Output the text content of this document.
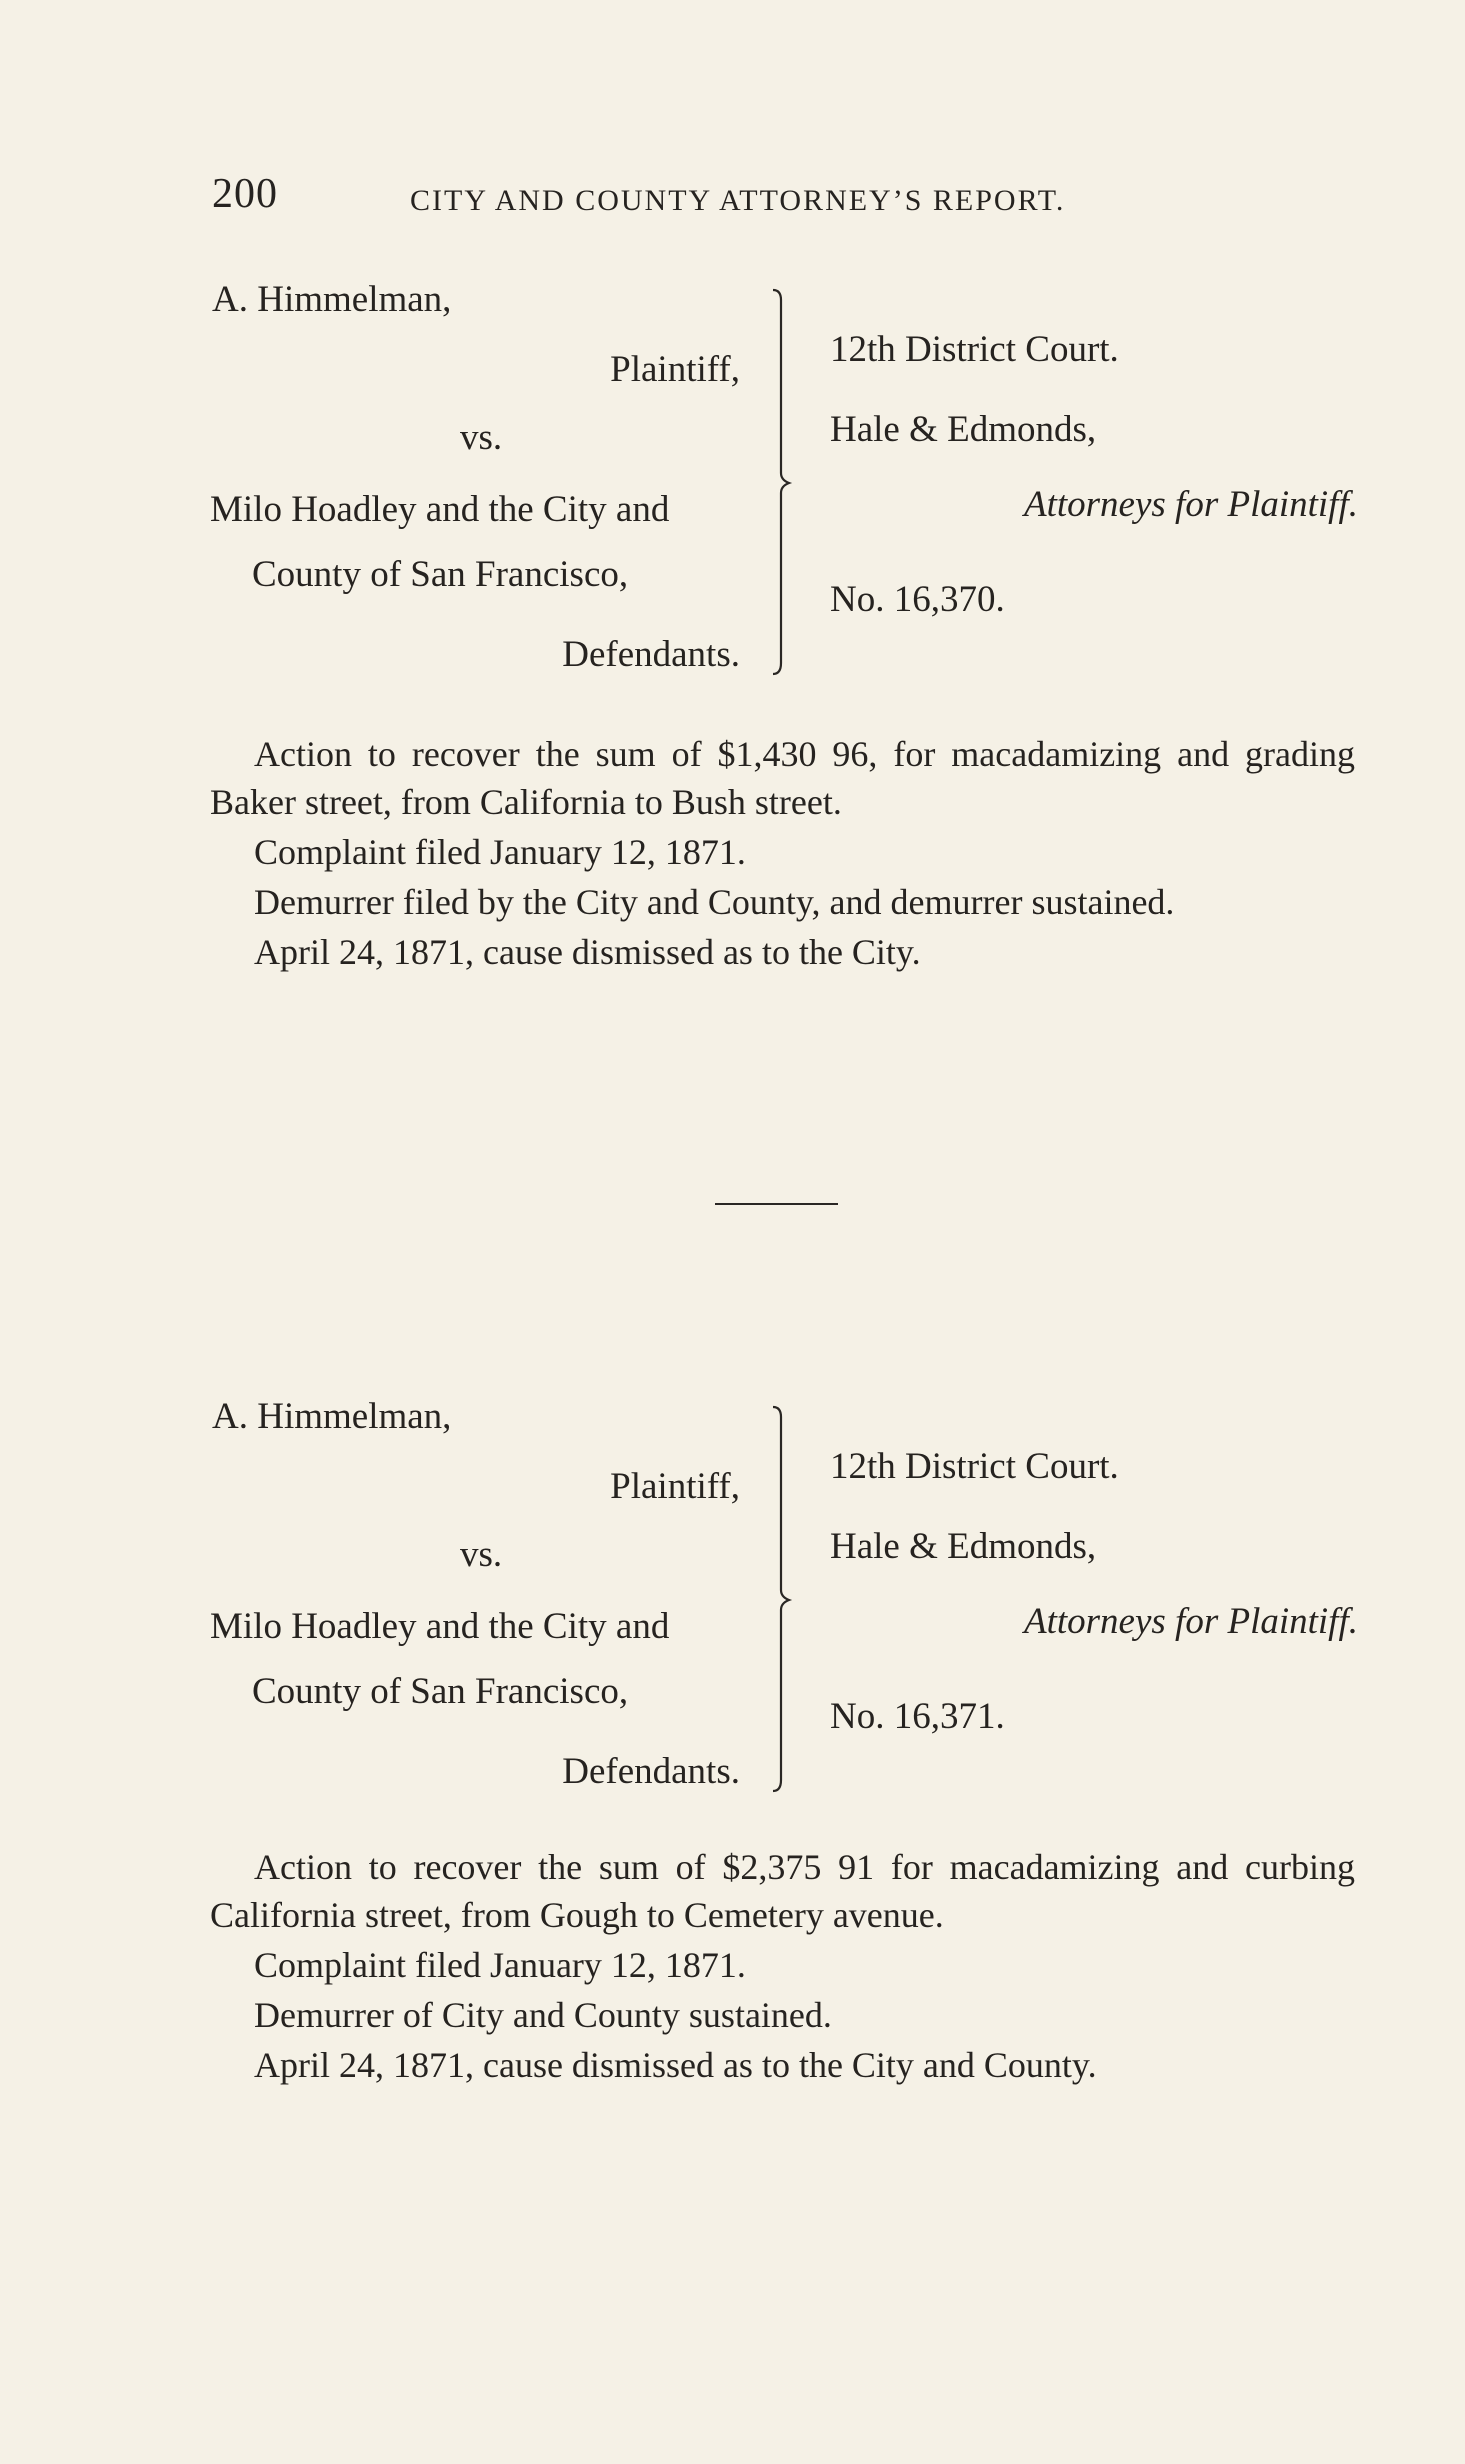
200	CITY AND COUNTY ATTORNEY’S REPORT.
A. Himmelman,
Plaintiff,
vs.
Milo Hoadley and the City and
County of San Francisco,
Defendants.
12th District Court.
Hale & Edmonds,
Attorneys for Plaintiff.
No. 16,370.

Action to recover the sum of $1,430 96, for macadamizing and grading Baker street, from California to Bush street.

Complaint filed January 12, 1871.

Demurrer filed by the City and County, and demurrer sustained.

April 24, 1871, cause dismissed as to the City.

A. Himmelman,
Plaintiff,
vs.
Milo Hoadley and the City and
County of San Francisco,
Defendants.
12th District Court.
Hale & Edmonds,
Attorneys for Plaintiff.
No. 16,371.

Action to recover the sum of $2,375 91 for macadamizing and curbing California street, from Gough to Cemetery avenue.

Complaint filed January 12, 1871.

Demurrer of City and County sustained.

April 24, 1871, cause dismissed as to the City and County.
